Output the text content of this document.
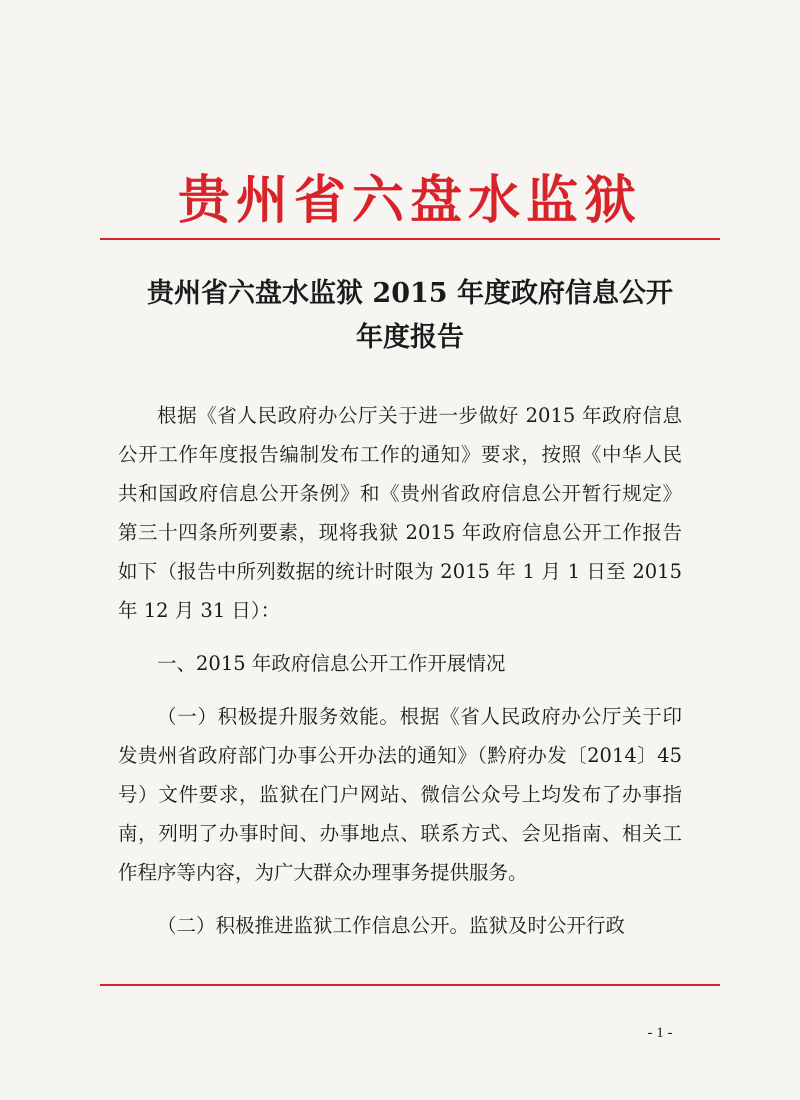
贵州省六盘水监狱
贵州省六盘水监狱 2015 年度政府信息公开
年度报告

根据《省人民政府办公厅关于进一步做好 2015 年政府信息公开工作年度报告编制发布工作的通知》要求，按照《中华人民共和国政府信息公开条例》和《贵州省政府信息公开暂行规定》第三十四条所列要素，现将我狱 2015 年政府信息公开工作报告如下（报告中所列数据的统计时限为 2015 年 1 月 1 日至 2015 年 12 月 31 日）：

一、2015 年政府信息公开工作开展情况

（一）积极提升服务效能。根据《省人民政府办公厅关于印发贵州省政府部门办事公开办法的通知》（黔府办发〔2014〕45 号）文件要求，监狱在门户网站、微信公众号上均发布了办事指南，列明了办事时间、办事地点、联系方式、会见指南、相关工作程序等内容，为广大群众办理事务提供服务。

（二）积极推进监狱工作信息公开。监狱及时公开行政

- 1 -
